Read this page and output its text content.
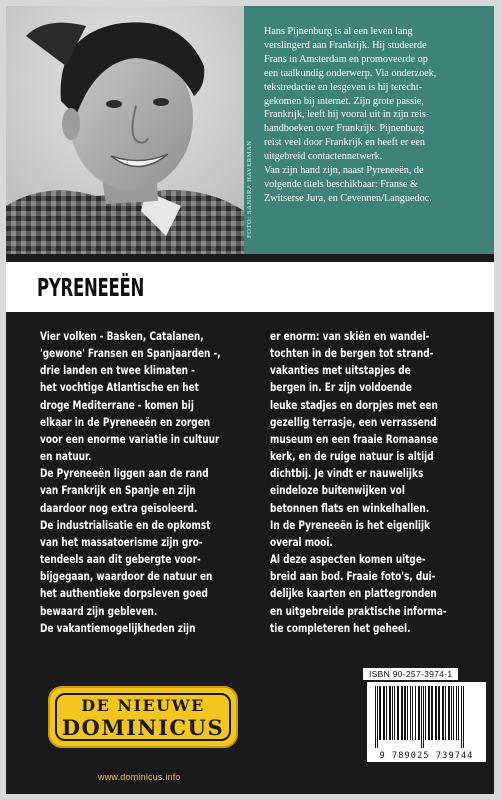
FOTO: SANDRA HAVERMAN

Hans Pijnenburg is al een leven lang

verslingerd aan Frankrijk. Hij studeerde

Frans in Amsterdam en promoveerde op

een taalkundig onderwerp. Via onderzoek,

tekstredactie en lesgeven is hij terecht-

gekomen bij internet. Zijn grote passie,

Frankrijk, leeft hij vooral uit in zijn reis-

handboeken over Frankrijk. Pijnenburg

reist veel door Frankrijk en heeft er een

uitgebreid contactennetwerk.

Van zijn hand zijn, naast Pyreneeën, de

volgende titels beschikbaar: Franse &

Zwitserse Jura, en Cevennen/Languedoc.

PYRENEEËN

Vier volken - Basken, Catalanen,

'gewone' Fransen en Spanjaarden -,

drie landen en twee klimaten -

het vochtige Atlantische en het

droge Mediterrane - komen bij

elkaar in de Pyreneeën en zorgen

voor een enorme variatie in cultuur

en natuur.

De Pyreneeën liggen aan de rand

van Frankrijk en Spanje en zijn

daardoor nog extra geïsoleerd.

De industrialisatie en de opkomst

van het massatoerisme zijn gro-

tendeels aan dit gebergte voor-

bijgegaan, waardoor de natuur en

het authentieke dorpsleven goed

bewaard zijn gebleven.

De vakantiemogelijkheden zijn

er enorm: van skiën en wandel-

tochten in de bergen tot strand-

vakanties met uitstapjes de

bergen in. Er zijn voldoende

leuke stadjes en dorpjes met een

gezellig terrasje, een verrassend

museum en een fraaie Romaanse

kerk, en de ruige natuur is altijd

dichtbij. Je vindt er nauwelijks

eindeloze buitenwijken vol

betonnen flats en winkelhallen.

In de Pyreneeën is het eigenlijk

overal mooi.

Al deze aspecten komen uitge-

breid aan bod. Fraaie foto's, dui-

delijke kaarten en plattegronden

en uitgebreide praktische informa-

tie completeren het geheel.

ISBN 90-257-3974-1
9 789025 739744
DE NIEUWE
DOMINICUS
www.dominicus.info
